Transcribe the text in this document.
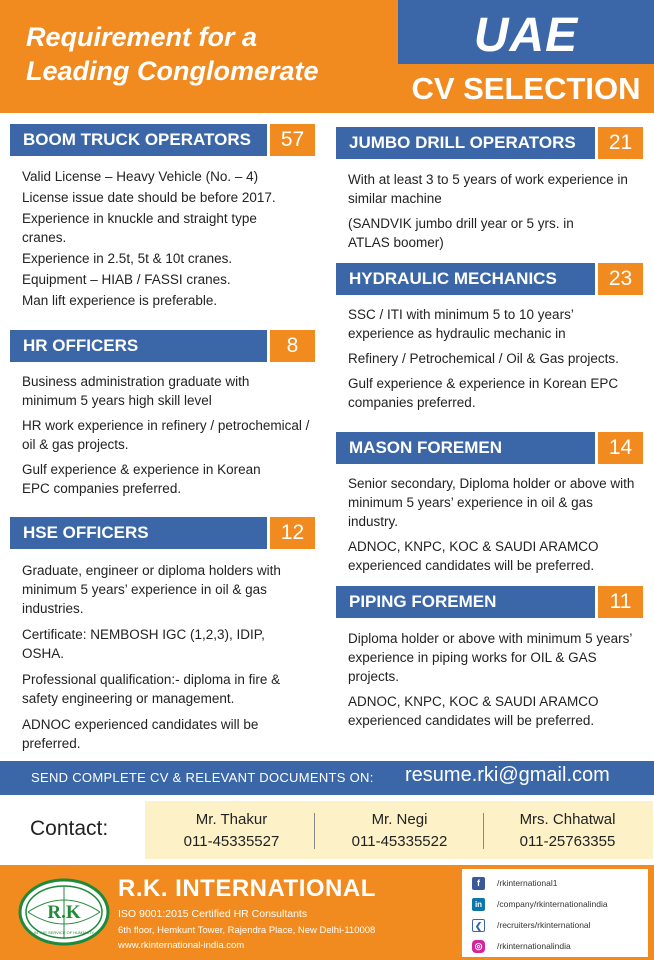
Requirement for a
Leading Conglomerate
UAE
CV SELECTION
BOOM TRUCK OPERATORS	57
Valid License – Heavy Vehicle (No. – 4)
License issue date should be before 2017.
Experience in knuckle and straight type cranes.
Experience in 2.5t, 5t & 10t cranes.
Equipment – HIAB / FASSI cranes.
Man lift experience is preferable.
HR OFFICERS	8
Business administration graduate with minimum 5 years high skill level
HR work experience in refinery / petrochemical / oil & gas projects.
Gulf experience & experience in Korean EPC companies preferred.
HSE OFFICERS	12
Graduate, engineer or diploma holders with minimum 5 years’ experience in oil & gas industries.
Certificate: NEMBOSH IGC (1,2,3), IDIP, OSHA.
Professional qualification:- diploma in fire & safety engineering or management.
ADNOC experienced candidates will be preferred.
JUMBO DRILL OPERATORS	21
With at least 3 to 5 years of work experience in similar machine
(SANDVIK jumbo drill year or 5 yrs. in ATLAS boomer)
HYDRAULIC MECHANICS	23
SSC / ITI with minimum 5 to 10 years’ experience as hydraulic mechanic in
Refinery / Petrochemical / Oil & Gas projects.
Gulf experience & experience in Korean EPC companies preferred.
MASON FOREMEN	14
Senior secondary, Diploma holder or above with minimum 5 years’ experience in oil & gas industry.
ADNOC, KNPC, KOC & SAUDI ARAMCO experienced candidates will be preferred.
PIPING FOREMEN	11
Diploma holder or above with minimum 5 years’ experience in piping works for OIL & GAS projects.
ADNOC, KNPC, KOC & SAUDI ARAMCO experienced candidates will be preferred.
SEND COMPLETE CV & RELEVANT DOCUMENTS ON: resume.rki@gmail.com
Contact:	Mr. Thakur
011-45335527
Mr. Negi
011-45335522
Mrs. Chhatwal
011-25763355
R.K
IN THE SERVICE OF HUMANITY
R.K. INTERNATIONAL
ISO 9001:2015 Certified HR Consultants
6th floor, Hemkunt Tower, Rajendra Place, New Delhi-110008
www.rkinternational-india.com
f /rkinternational1
in /company/rkinternationalindia
❮ /recruiters/rkinternational
◎ /rkinternationalindia
